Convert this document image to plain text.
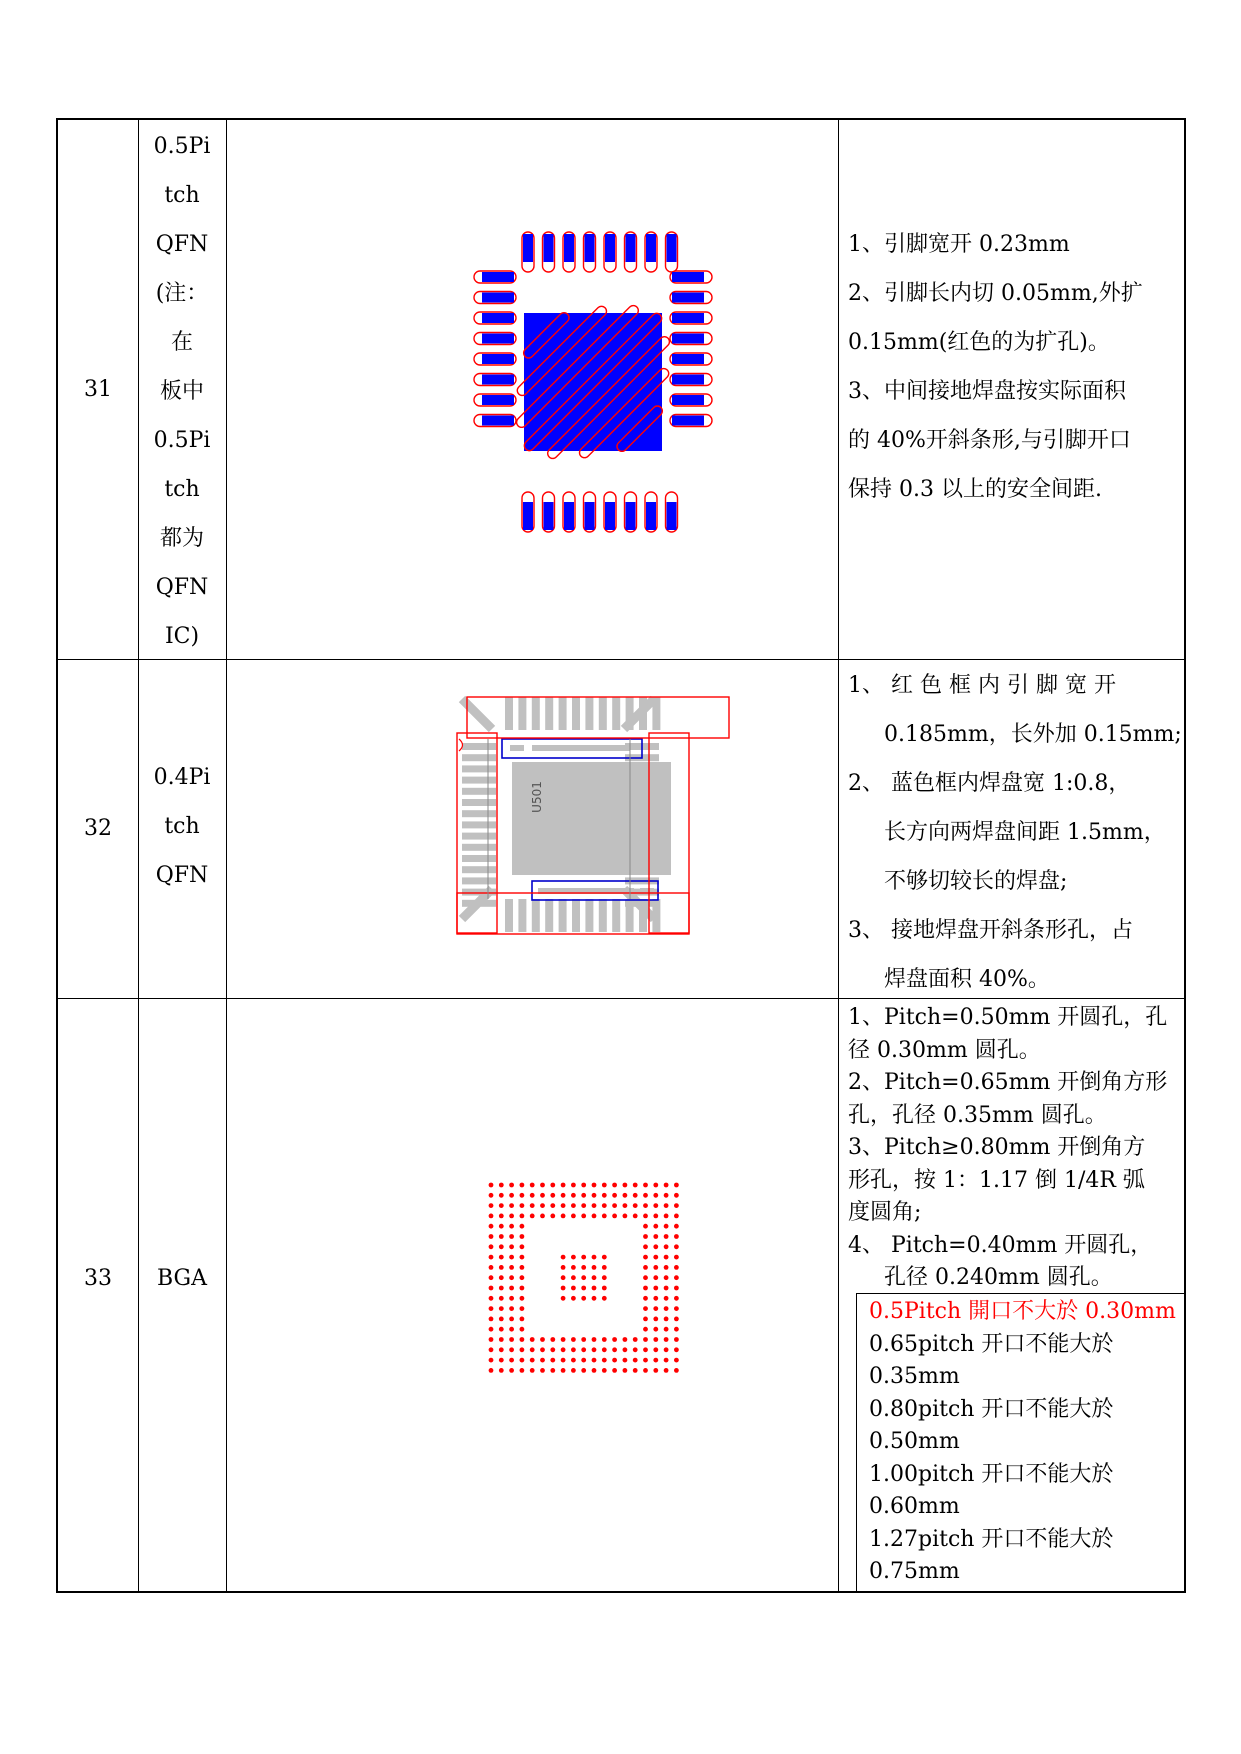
31
0.5Pi
tch
QFN
(注：
在
板中
0.5Pi
tch
都为
QFN
IC)
1、引脚宽开 0.23mm
2、引脚长内切 0.05mm,外扩
0.15mm(红色的为扩孔)。
3、中间接地焊盘按实际面积
的 40%开斜条形,与引脚开口
保持 0.3 以上的安全间距.
32
0.4Pi
tch
QFN
U501
1、 红 色 框 内 引 脚 宽 开
0.185mm，长外加 0.15mm;
2、 蓝色框内焊盘宽 1:0.8，
长方向两焊盘间距 1.5mm，
不够切较长的焊盘;
3、 接地焊盘开斜条形孔，占
焊盘面积 40%。
33	BGA
1、Pitch=0.50mm 开圆孔，孔
径 0.30mm 圆孔。
2、Pitch=0.65mm 开倒角方形
孔，孔径 0.35mm 圆孔。
3、Pitch≥0.80mm 开倒角方
形孔，按 1：1.17 倒 1/4R 弧
度圆角;
4、 Pitch=0.40mm 开圆孔，
孔径 0.240mm 圆孔。
0.5Pitch 開口不大於 0.30mm
0.65pitch 开口不能大於
0.35mm
0.80pitch 开口不能大於
0.50mm
1.00pitch 开口不能大於
0.60mm
1.27pitch 开口不能大於
0.75mm
